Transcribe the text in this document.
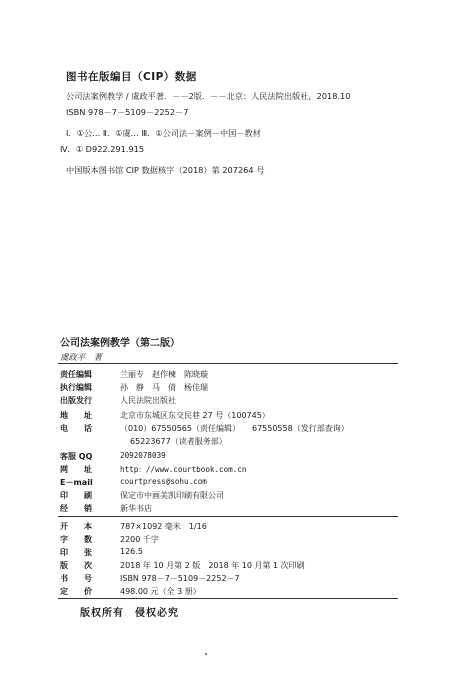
图书在版编目（CIP）数据
公司法案例教学 / 虞政平著．－－2版．－－北京：人民法院出版社，2018.10
ISBN 978－7－5109－2252－7
Ⅰ．①公… Ⅱ．①虞… Ⅲ．①公司法－案例－中国－教材
Ⅳ．① D922.291.915
中国版本图书馆 CIP 数据核字（2018）第 207264 号
公司法案例教学（第二版）
虞政平　著
责任编辑	兰丽专　赵作楝　陈晓璇
执行编辑	孙　静　马　倩　杨佳瑞
出版发行	人民法院出版社
地　　址	北京市东城区东交民巷 27 号（100745）
电　　话	（010）67550565（责任编辑）　　67550558（发行部查询）
65223677（读者服务部）
客服 QQ	2092078039
网　　址	http：//www.courtbook.com.cn
E－mail	courtpress@sohu.com
印　　刷	保定市中画美凯印刷有限公司
经　　销	新华书店
开　　本	787×1092 毫米　1/16
字　　数	2200 千字
印　　张	126.5
版　　次	2018 年 10 月第 2 版　2018 年 10 月第 1 次印刷
书　　号	ISBN 978－7－5109－2252－7
定　　价	498.00 元（全 3 册）
版权所有　侵权必究
